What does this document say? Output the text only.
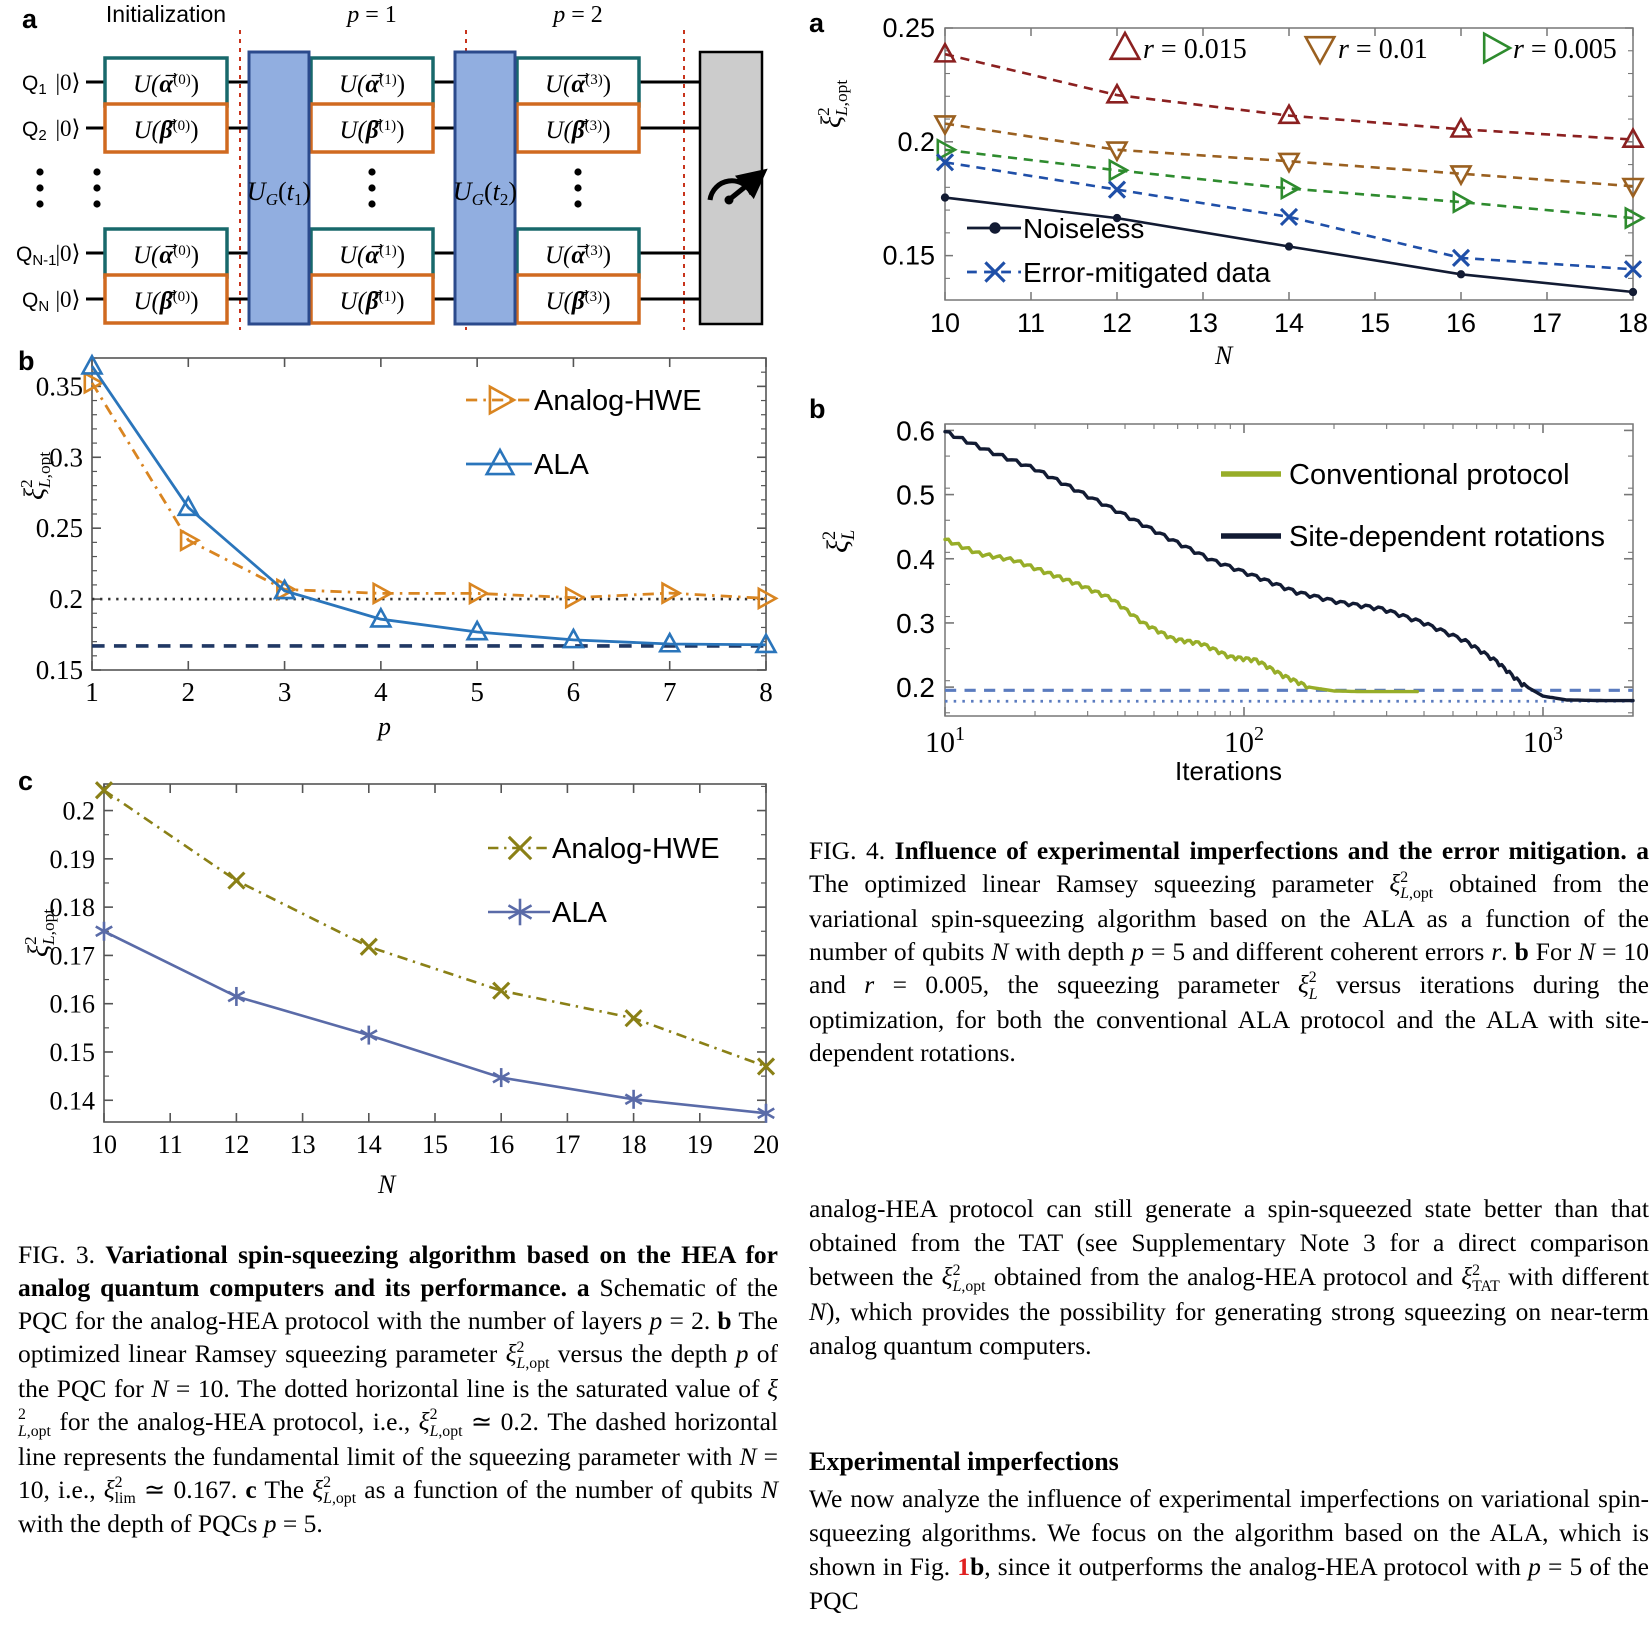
a	Initialization	p = 1	p = 2
Q1
Q2
QN-1
QN
|0⟩
|0⟩
|0⟩
|0⟩
$U(\alpha^{(0)})$
$U(\beta^{(0)})$
$U(\alpha^{(0)})$
$U(\beta^{(0)})$
$U(\alpha^{(1)})$
$U(\beta^{(1)})$
$U(\alpha^{(1)})$
$U(\beta^{(1)})$
$U(\alpha^{(3)})$
$U(\beta^{(3)})$
$U(\alpha^{(3)})$
$U(\beta^{(3)})$
UG(t1)	UG(t2)
b
1	2	3	4	5	6	7	8
0.15
0.2
0.25
0.3
0.35	Analog-HWE
ALA
p
ξ
2
L,opt
c
10 11 12 13 14 15 16 17 18 19 20
0.14
0.15
0.16
0.17
0.18
0.19
0.2
Analog-HWE
ALA
N
ξ
2
L,opt
FIG. 3. Variational spin-squeezing algorithm based on the HEA for analog quantum computers and its performance. a Schematic of the PQC for the analog-HEA protocol with the number of layers p = 2. b The optimized linear Ramsey squeezing parameter ξ 2
L,opt versus the depth p of the PQC for N = 10. The dotted horizontal line is the saturated value of ξ
2
L,opt for the analog-HEA protocol, i.e., ξ 2
L,opt ≃ 0.2. The dashed horizontal line represents the fundamental limit of the squeezing parameter with N = 10, i.e., ξ 2
lim ≃ 0.167. c The ξ 2
L,opt as a function of the number of qubits N with the depth of PQCs p = 5.
a
10 11 12 13 14 15 16 17 18
0.15
0.2
0.25
r = 0.015	r = 0.01	r = 0.005
Noiseless
Error-mitigated data
N
ξ
2
L,opt
b
$10^1$	$10^2$	$10^3$
0.2
0.3
0.4
0.5
0.6
Conventional protocol
Site-dependent rotations
Iterations
ξ
2
L
FIG. 4. Influence of experimental imperfections and the error mitigation. a The optimized linear Ramsey squeezing parameter ξ 2
L,opt obtained from the variational spin-squeezing algorithm based on the ALA as a function of the number of qubits N with depth p = 5 and different coherent errors r. b For N = 10 and r = 0.005, the squeezing parameter ξ 2
L versus iterations during the optimization, for both the conventional ALA protocol and the ALA with site-dependent rotations.
analog-HEA protocol can still generate a spin-squeezed state better than that obtained from the TAT (see Supplementary Note 3 for a direct comparison between the ξ 2
L,opt obtained from the analog-HEA protocol and ξ 2
TAT with different N), which provides the possibility for generating strong squeezing on near-term analog quantum computers.
Experimental imperfections
We now analyze the influence of experimental imperfections on variational spin-squeezing algorithms. We focus on the algorithm based on the ALA, which is shown in Fig. 1b, since it outperforms the analog-HEA protocol with p = 5 of the PQC
